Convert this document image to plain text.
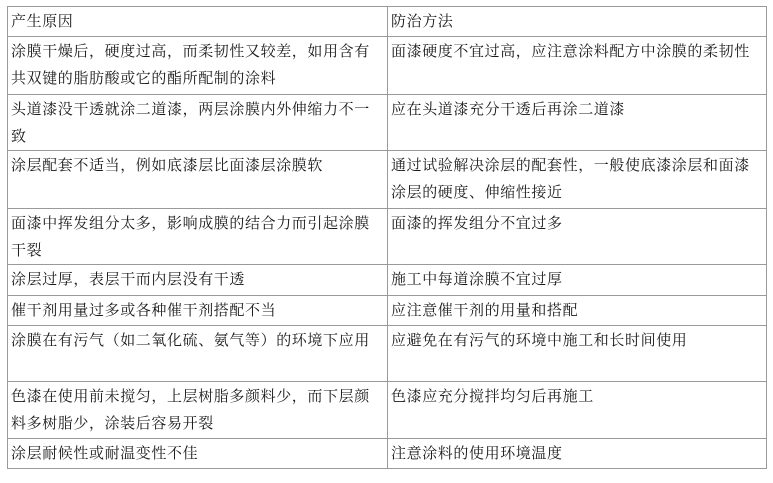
产生原因	防治方法
涂膜干燥后，硬度过高，而柔韧性又较差，如用含有共双键的脂肪酸或它的酯所配制的涂料	面漆硬度不宜过高，应注意涂料配方中涂膜的柔韧性
头道漆没干透就涂二道漆，两层涂膜内外伸缩力不一致	应在头道漆充分干透后再涂二道漆
涂层配套不适当，例如底漆层比面漆层涂膜软	通过试验解决涂层的配套性，一般使底漆涂层和面漆涂层的硬度、伸缩性接近
面漆中挥发组分太多，影响成膜的结合力而引起涂膜干裂	面漆的挥发组分不宜过多
涂层过厚，表层干而内层没有干透	施工中每道涂膜不宜过厚
催干剂用量过多或各种催干剂搭配不当	应注意催干剂的用量和搭配
涂膜在有污气（如二氧化硫、氨气等）的环境下应用	应避免在有污气的环境中施工和长时间使用
色漆在使用前未搅匀，上层树脂多颜料少，而下层颜料多树脂少，涂装后容易开裂	色漆应充分搅拌均匀后再施工
涂层耐候性或耐温变性不佳	注意涂料的使用环境温度
